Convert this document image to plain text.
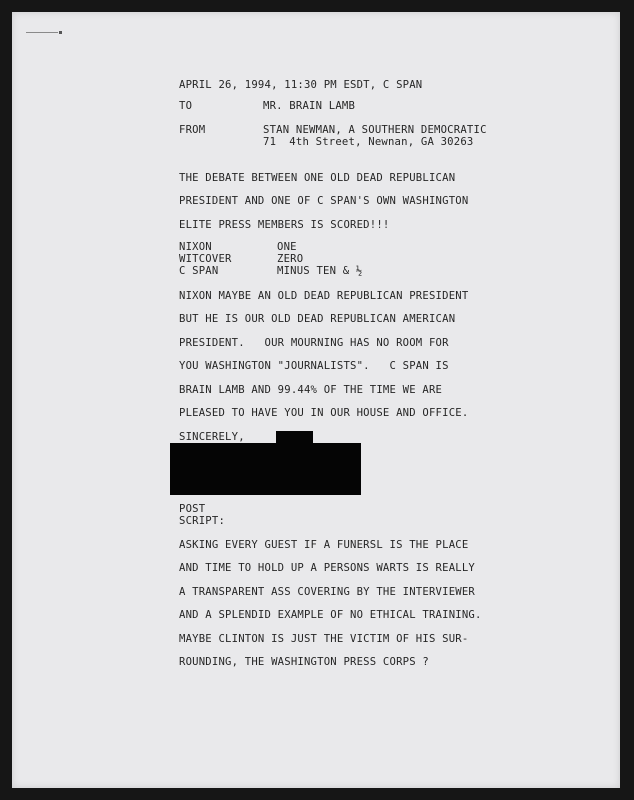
APRIL 26, 1994, 11:30 PM ESDT, C SPAN
TO	MR. BRAIN LAMB
FROM	STAN NEWMAN, A SOUTHERN DEMOCRATIC
71  4th Street, Newnan, GA 30263
THE DEBATE BETWEEN ONE OLD DEAD REPUBLICAN
PRESIDENT AND ONE OF C SPAN'S OWN WASHINGTON
ELITE PRESS MEMBERS IS SCORED!!!
NIXON	ONE
WITCOVER	ZERO
C SPAN	MINUS TEN & ½
NIXON MAYBE AN OLD DEAD REPUBLICAN PRESIDENT
BUT HE IS OUR OLD DEAD REPUBLICAN AMERICAN
PRESIDENT.   OUR MOURNING HAS NO ROOM FOR
YOU WASHINGTON "JOURNALISTS".   C SPAN IS
BRAIN LAMB AND 99.44% OF THE TIME WE ARE
PLEASED TO HAVE YOU IN OUR HOUSE AND OFFICE.
SINCERELY,
POST
SCRIPT:
ASKING EVERY GUEST IF A FUNERSL IS THE PLACE
AND TIME TO HOLD UP A PERSONS WARTS IS REALLY
A TRANSPARENT ASS COVERING BY THE INTERVIEWER
AND A SPLENDID EXAMPLE OF NO ETHICAL TRAINING.
MAYBE CLINTON IS JUST THE VICTIM OF HIS SUR-
ROUNDING, THE WASHINGTON PRESS CORPS ?
